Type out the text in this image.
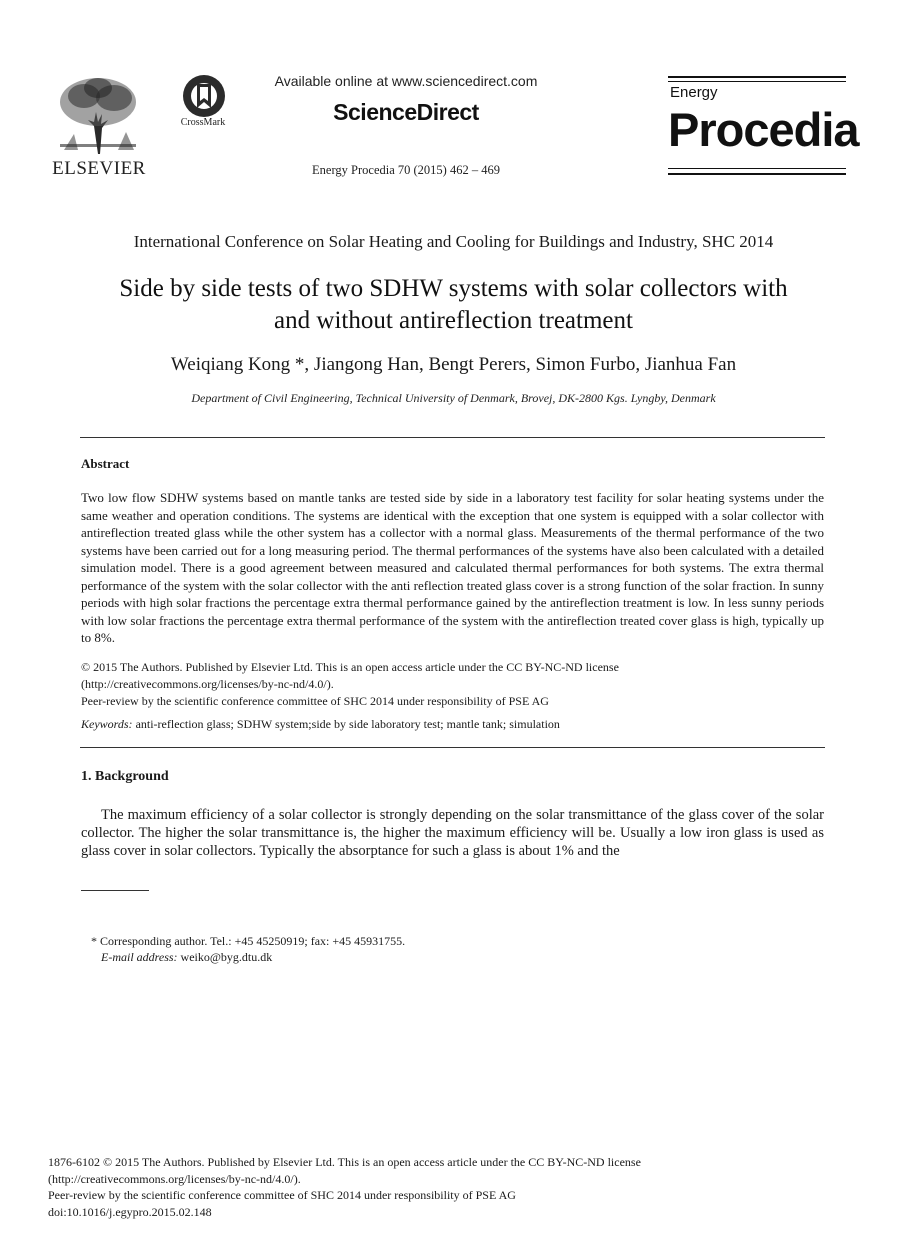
ELSEVIER
CrossMark
Available online at www.sciencedirect.com
ScienceDirect
Energy Procedia 70 (2015) 462 – 469
Energy
Procedia
International Conference on Solar Heating and Cooling for Buildings and Industry, SHC 2014
Side by side tests of two SDHW systems with solar collectors with
and without antireflection treatment
Weiqiang Kong *, Jiangong Han, Bengt Perers, Simon Furbo, Jianhua Fan
Department of Civil Engineering, Technical University of Denmark, Brovej, DK-2800 Kgs. Lyngby, Denmark
Abstract
Two low flow SDHW systems based on mantle tanks are tested side by side in a laboratory test facility for solar heating systems under the same weather and operation conditions. The systems are identical with the exception that one system is equipped with a solar collector with antireflection treated glass while the other system has a collector with a normal glass. Measurements of the thermal performance of the two systems have been carried out for a long measuring period. The thermal performances of the systems have also been calculated with a detailed simulation model. There is a good agreement between measured and calculated thermal performances for both systems. The extra thermal performance of the system with the solar collector with the anti reflection treated glass cover is a strong function of the solar fraction. In sunny periods with high solar fractions the percentage extra thermal performance gained by the antireflection treatment is low. In less sunny periods with low solar fractions the percentage extra thermal performance of the system with the antireflection treated cover glass is high, typically up to 8%.
© 2015 The Authors. Published by Elsevier Ltd. This is an open access article under the CC BY-NC-ND license
(http://creativecommons.org/licenses/by-nc-nd/4.0/).
Peer-review by the scientific conference committee of SHC 2014 under responsibility of PSE AG
Keywords: anti-reflection glass; SDHW system;side by side laboratory test; mantle tank; simulation
1. Background
The maximum efficiency of a solar collector is strongly depending on the solar transmittance of the glass cover of the solar collector. The higher the solar transmittance is, the higher the maximum efficiency will be. Usually a low iron glass is used as glass cover in solar collectors. Typically the absorptance for such a glass is about 1% and the
* Corresponding author. Tel.: +45 45250919; fax: +45 45931755.
E-mail address: weiko@byg.dtu.dk
1876-6102 © 2015 The Authors. Published by Elsevier Ltd. This is an open access article under the CC BY-NC-ND license
(http://creativecommons.org/licenses/by-nc-nd/4.0/).
Peer-review by the scientific conference committee of SHC 2014 under responsibility of PSE AG
doi:10.1016/j.egypro.2015.02.148
